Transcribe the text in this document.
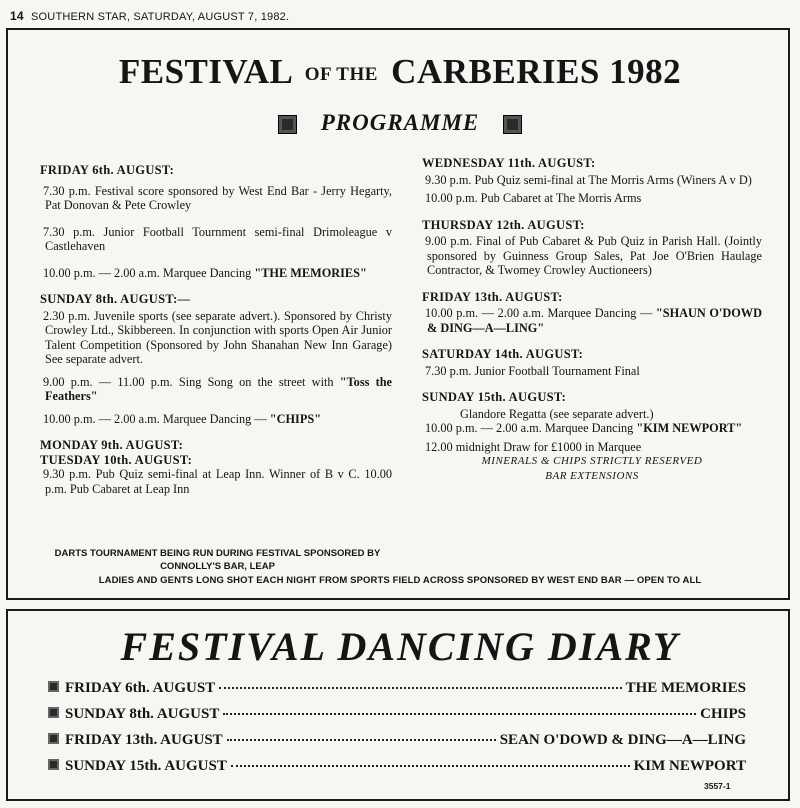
14 SOUTHERN STAR, SATURDAY, AUGUST 7, 1982.
FESTIVAL OF THE CARBERIES 1982
PROGRAMME
FRIDAY 6th. AUGUST:
7.30 p.m. Festival score sponsored by West End Bar - Jerry Hegarty, Pat Donovan & Pete Crowley
7.30 p.m. Junior Football Tournment semi-final Drimoleague v Castlehaven
10.00 p.m. — 2.00 a.m. Marquee Dancing "THE MEMORIES"
SUNDAY 8th. AUGUST:—
2.30 p.m. Juvenile sports (see separate advert.). Sponsored by Christy Crowley Ltd., Skibbereen. In conjunction with sports Open Air Junior Talent Competition (Sponsored by John Shanahan New Inn Garage) See separate advert.
9.00 p.m. — 11.00 p.m. Sing Song on the street with "Toss the Feathers"
10.00 p.m. — 2.00 a.m. Marquee Dancing — "CHIPS"
MONDAY 9th. AUGUST:
TUESDAY 10th. AUGUST:
9.30 p.m. Pub Quiz semi-final at Leap Inn. Winner of B v C. 10.00 p.m. Pub Cabaret at Leap Inn
DARTS TOURNAMENT BEING RUN DURING FESTIVAL SPONSORED BY CONNOLLY'S BAR, LEAP
WEDNESDAY 11th. AUGUST:
9.30 p.m. Pub Quiz semi-final at The Morris Arms (Winers A v D)
10.00 p.m. Pub Cabaret at The Morris Arms
THURSDAY 12th. AUGUST:
9.00 p.m. Final of Pub Cabaret & Pub Quiz in Parish Hall. (Jointly sponsored by Guinness Group Sales, Pat Joe O'Brien Haulage Contractor, & Twomey Crowley Auctioneers)
FRIDAY 13th. AUGUST:
10.00 p.m. — 2.00 a.m. Marquee Dancing — "SHAUN O'DOWD & DING—A—LING"
SATURDAY 14th. AUGUST:
7.30 p.m. Junior Football Tournament Final
SUNDAY 15th. AUGUST:
Glandore Regatta (see separate advert.)
10.00 p.m. — 2.00 a.m. Marquee Dancing "KIM NEWPORT"
12.00 midnight Draw for £1000 in Marquee
MINERALS & CHIPS STRICTLY RESERVED
BAR EXTENSIONS
LADIES AND GENTS LONG SHOT EACH NIGHT FROM SPORTS FIELD ACROSS SPONSORED BY WEST END BAR — OPEN TO ALL
FESTIVAL DANCING DIARY
FRIDAY 6th. AUGUST	THE MEMORIES
SUNDAY 8th. AUGUST	CHIPS
FRIDAY 13th. AUGUST	SEAN O'DOWD & DING—A—LING
SUNDAY 15th. AUGUST	KIM NEWPORT
3557-1
